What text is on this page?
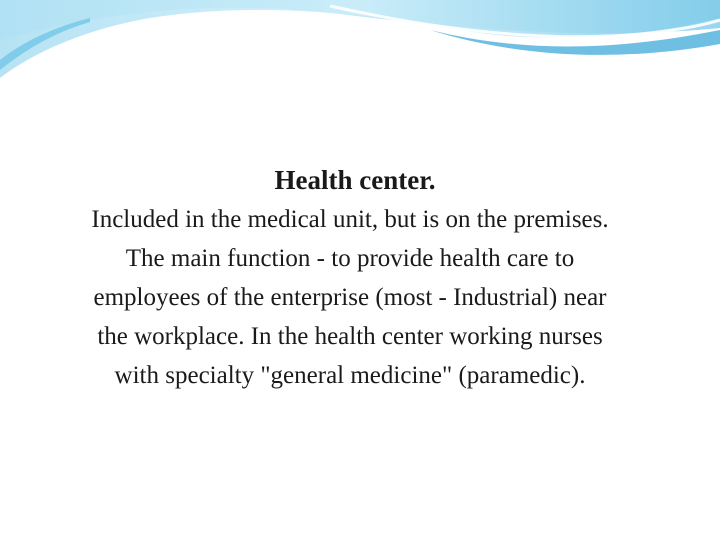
Health center.
Included in the medical unit, but is on the premises.
The main function - to provide health care to
employees of the enterprise (most - Industrial) near
the workplace. In the health center working nurses
with specialty "general medicine" (paramedic).
